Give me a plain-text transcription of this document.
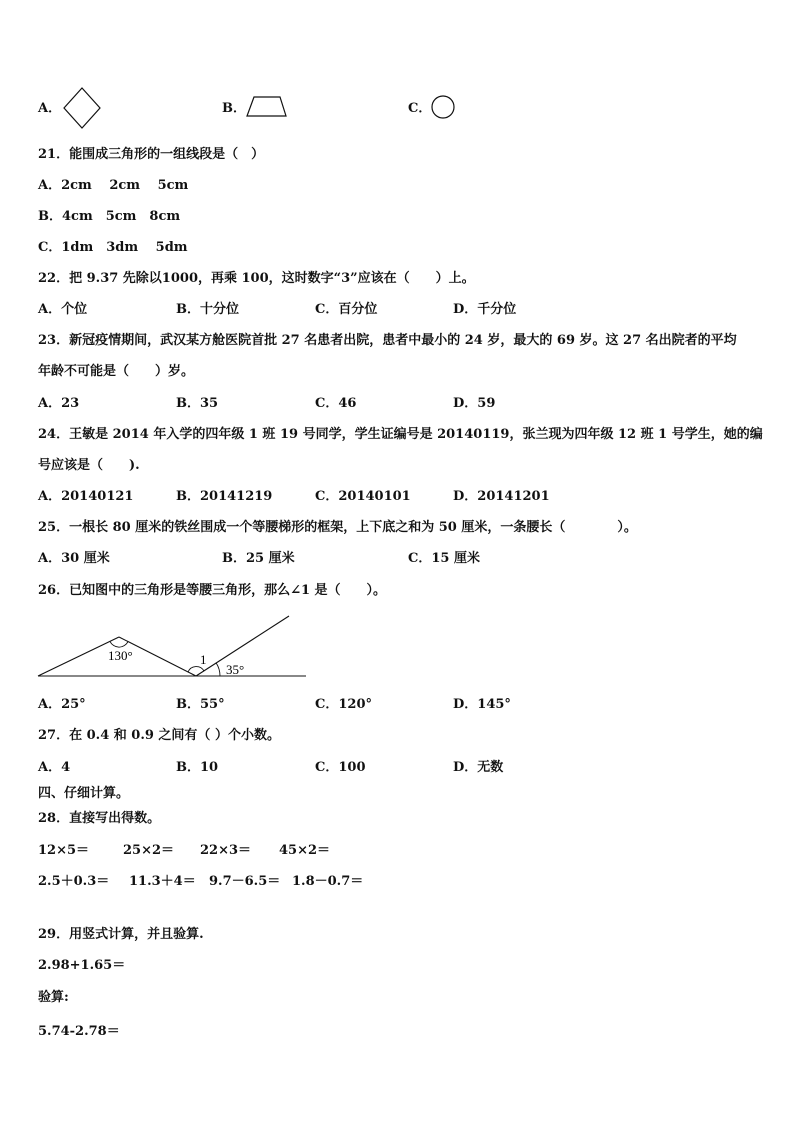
A．	B．	C．
21．能围成三角形的一组线段是（　）
A．2cm　 2cm　 5cm
B．4cm　5cm　8cm
C．1dm　3dm　 5dm
22．把 9.37 先除以1000，再乘 100，这时数字“3”应该在（　　）上。
A．个位	B．十分位	C．百分位	D．千分位
23．新冠疫情期间，武汉某方舱医院首批 27 名患者出院，患者中最小的 24 岁，最大的 69 岁。这 27 名出院者的平均
年龄不可能是（　　）岁。
A．23	B．35	C．46	D．59
24．王敏是 2014 年入学的四年级 1 班 19 号同学，学生证编号是 20140119，张兰现为四年级 12 班 1 号学生，她的编
号应该是（　　).
A．20140121	B．20141219	C．20140101	D．20141201
25．一根长 80 厘米的铁丝围成一个等腰梯形的框架，上下底之和为 50 厘米，一条腰长（　　　　）。
A．30 厘米	B．25 厘米	C．15 厘米
26．已知图中的三角形是等腰三角形，那么∠1 是（　　）。
130°	1
35°
A．25°	B．55°	C．120°	D．145°
27．在 0.4 和 0.9 之间有（ ）个小数。
A．4	B．10	C．100	D．无数
四、仔细计算。
28．直接写出得数。
12×5＝	25×2＝ 22×3＝ 45×2＝
2.5＋0.3＝ 11.3＋4＝ 9.7－6.5＝ 1.8－0.7＝
29．用竖式计算，并且验算.
2.98+1.65＝
验算:
5.74-2.78＝
